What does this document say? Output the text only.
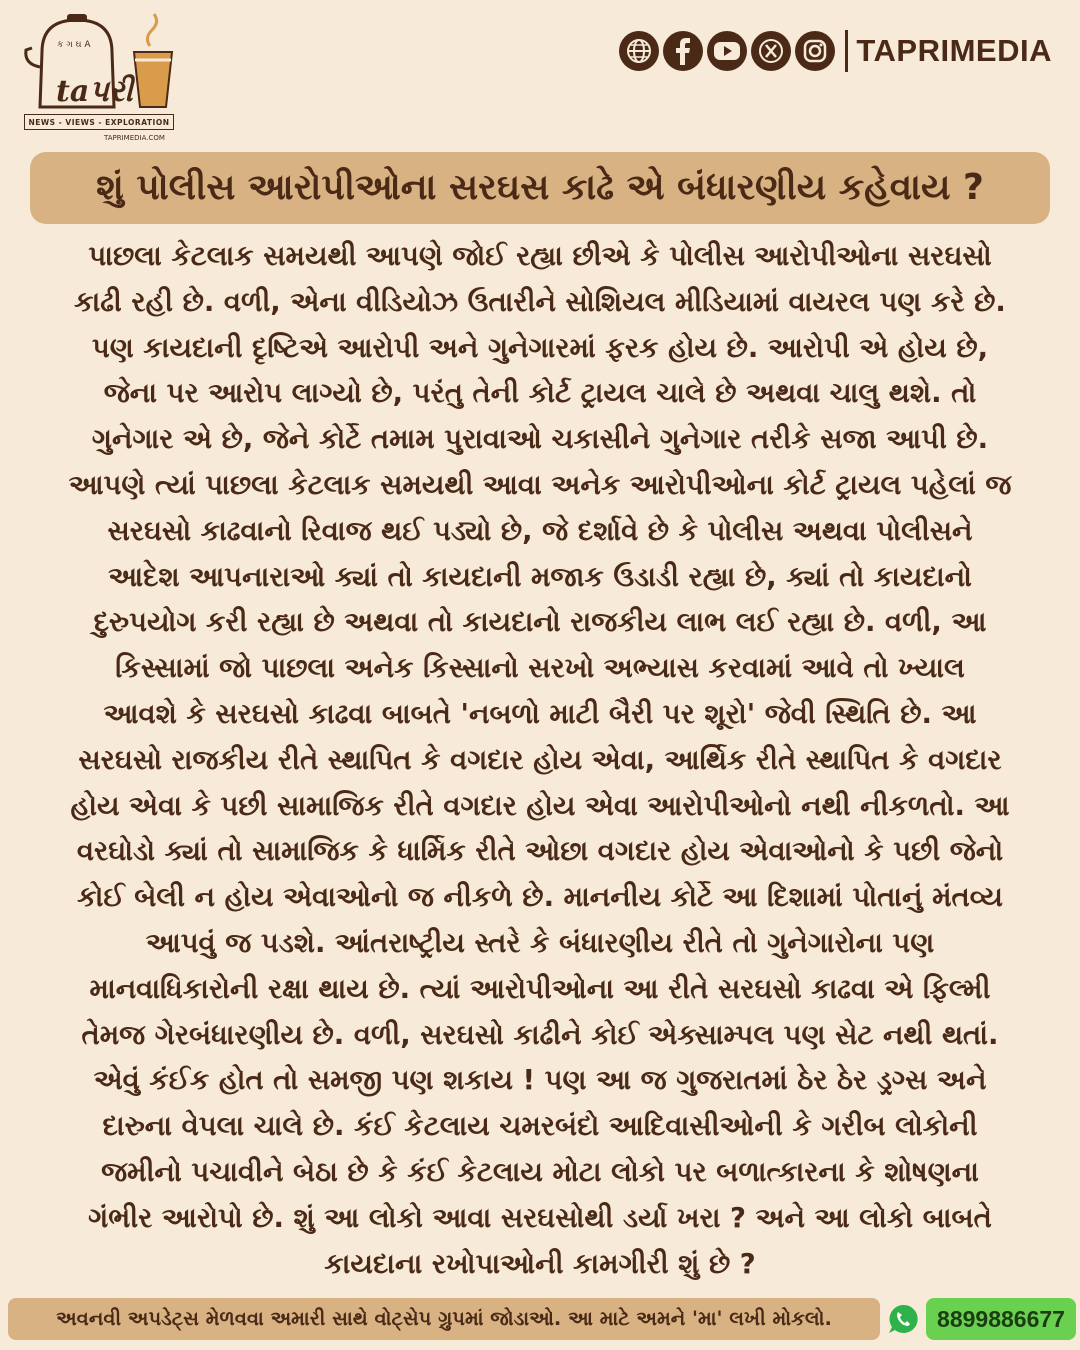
ક ગ ઘ A
taપરી
NEWS - VIEWS - EXPLORATION
TAPRIMEDIA.COM
TAPRIMEDIA
શું પોલીસ આરોપીઓના સરઘસ કાઢે એ બંધારણીય કહેવાય ?
પાછલા કેટલાક સમયથી આપણે જોઈ રહ્યા છીએ કે પોલીસ આરોપીઓના સરઘસો
કાઢી રહી છે. વળી, એના વીડિયોઝ ઉતારીને સોશિયલ મીડિયામાં વાયરલ પણ કરે છે.
પણ કાયદાની દૃષ્ટિએ આરોપી અને ગુનેગારમાં ફરક હોય છે. આરોપી એ હોય છે,
જેના પર આરોપ લાગ્યો છે, પરંતુ તેની કોર્ટ ટ્રાયલ ચાલે છે અથવા ચાલુ થશે. તો
ગુનેગાર એ છે, જેને કોર્ટે તમામ પુરાવાઓ ચકાસીને ગુનેગાર તરીકે સજા આપી છે.
આપણે ત્યાં પાછલા કેટલાક સમયથી આવા અનેક આરોપીઓના કોર્ટ ટ્રાયલ પહેલાં જ
સરઘસો કાઢવાનો રિવાજ થઈ પડ્યો છે, જે દર્શાવે છે કે પોલીસ અથવા પોલીસને
આદેશ આપનારાઓ ક્યાં તો કાયદાની મજાક ઉડાડી રહ્યા છે, ક્યાં તો કાયદાનો
દુરુપયોગ કરી રહ્યા છે અથવા તો કાયદાનો રાજકીય લાભ લઈ રહ્યા છે. વળી, આ
કિસ્સામાં જો પાછલા અનેક કિસ્સાનો સરખો અભ્યાસ કરવામાં આવે તો ખ્યાલ
આવશે કે સરઘસો કાઢવા બાબતે 'નબળો માટી બૈરી પર શૂરો' જેવી સ્થિતિ છે. આ
સરઘસો રાજકીય રીતે સ્થાપિત કે વગદાર હોય એવા, આર્થિક રીતે સ્થાપિત કે વગદાર
હોય એવા કે પછી સામાજિક રીતે વગદાર હોય એવા આરોપીઓનો નથી નીકળતો. આ
વરઘોડો ક્યાં તો સામાજિક કે ધાર્મિક રીતે ઓછા વગદાર હોય એવાઓનો કે પછી જેનો
કોઈ બેલી ન હોય એવાઓનો જ નીકળે છે. માનનીય કોર્ટે આ દિશામાં પોતાનું મંતવ્ય
આપવું જ પડશે. આંતરાષ્ટ્રીય સ્તરે કે બંધારણીય રીતે તો ગુનેગારોના પણ
માનવાધિકારોની રક્ષા થાય છે. ત્યાં આરોપીઓના આ રીતે સરઘસો કાઢવા એ ફિલ્મી
તેમજ ગેરબંધારણીય છે. વળી, સરઘસો કાઢીને કોઈ એક્સામ્પલ પણ સેટ નથી થતાં.
એવું કંઈક હોત તો સમજી પણ શકાય ! પણ આ જ ગુજરાતમાં ઠેર ઠેર ડ્રગ્સ અને
દારુના વેપલા ચાલે છે. કંઈ કેટલાય ચમરબંદો આદિવાસીઓની કે ગરીબ લોકોની
જમીનો પચાવીને બેઠા છે કે કંઈ કેટલાય મોટા લોકો પર બળાત્કારના કે શોષણના
ગંભીર આરોપો છે. શું આ લોકો આવા સરઘસોથી ડર્યા ખરા ? અને આ લોકો બાબતે
કાયદાના રખોપાઓની કામગીરી શું છે ?
અવનવી અપડેટ્સ મેળવવા અમારી સાથે વોટ્સેપ ગ્રુપમાં જોડાઓ. આ માટે અમને 'મા' લખી મોકલો.	8899886677
